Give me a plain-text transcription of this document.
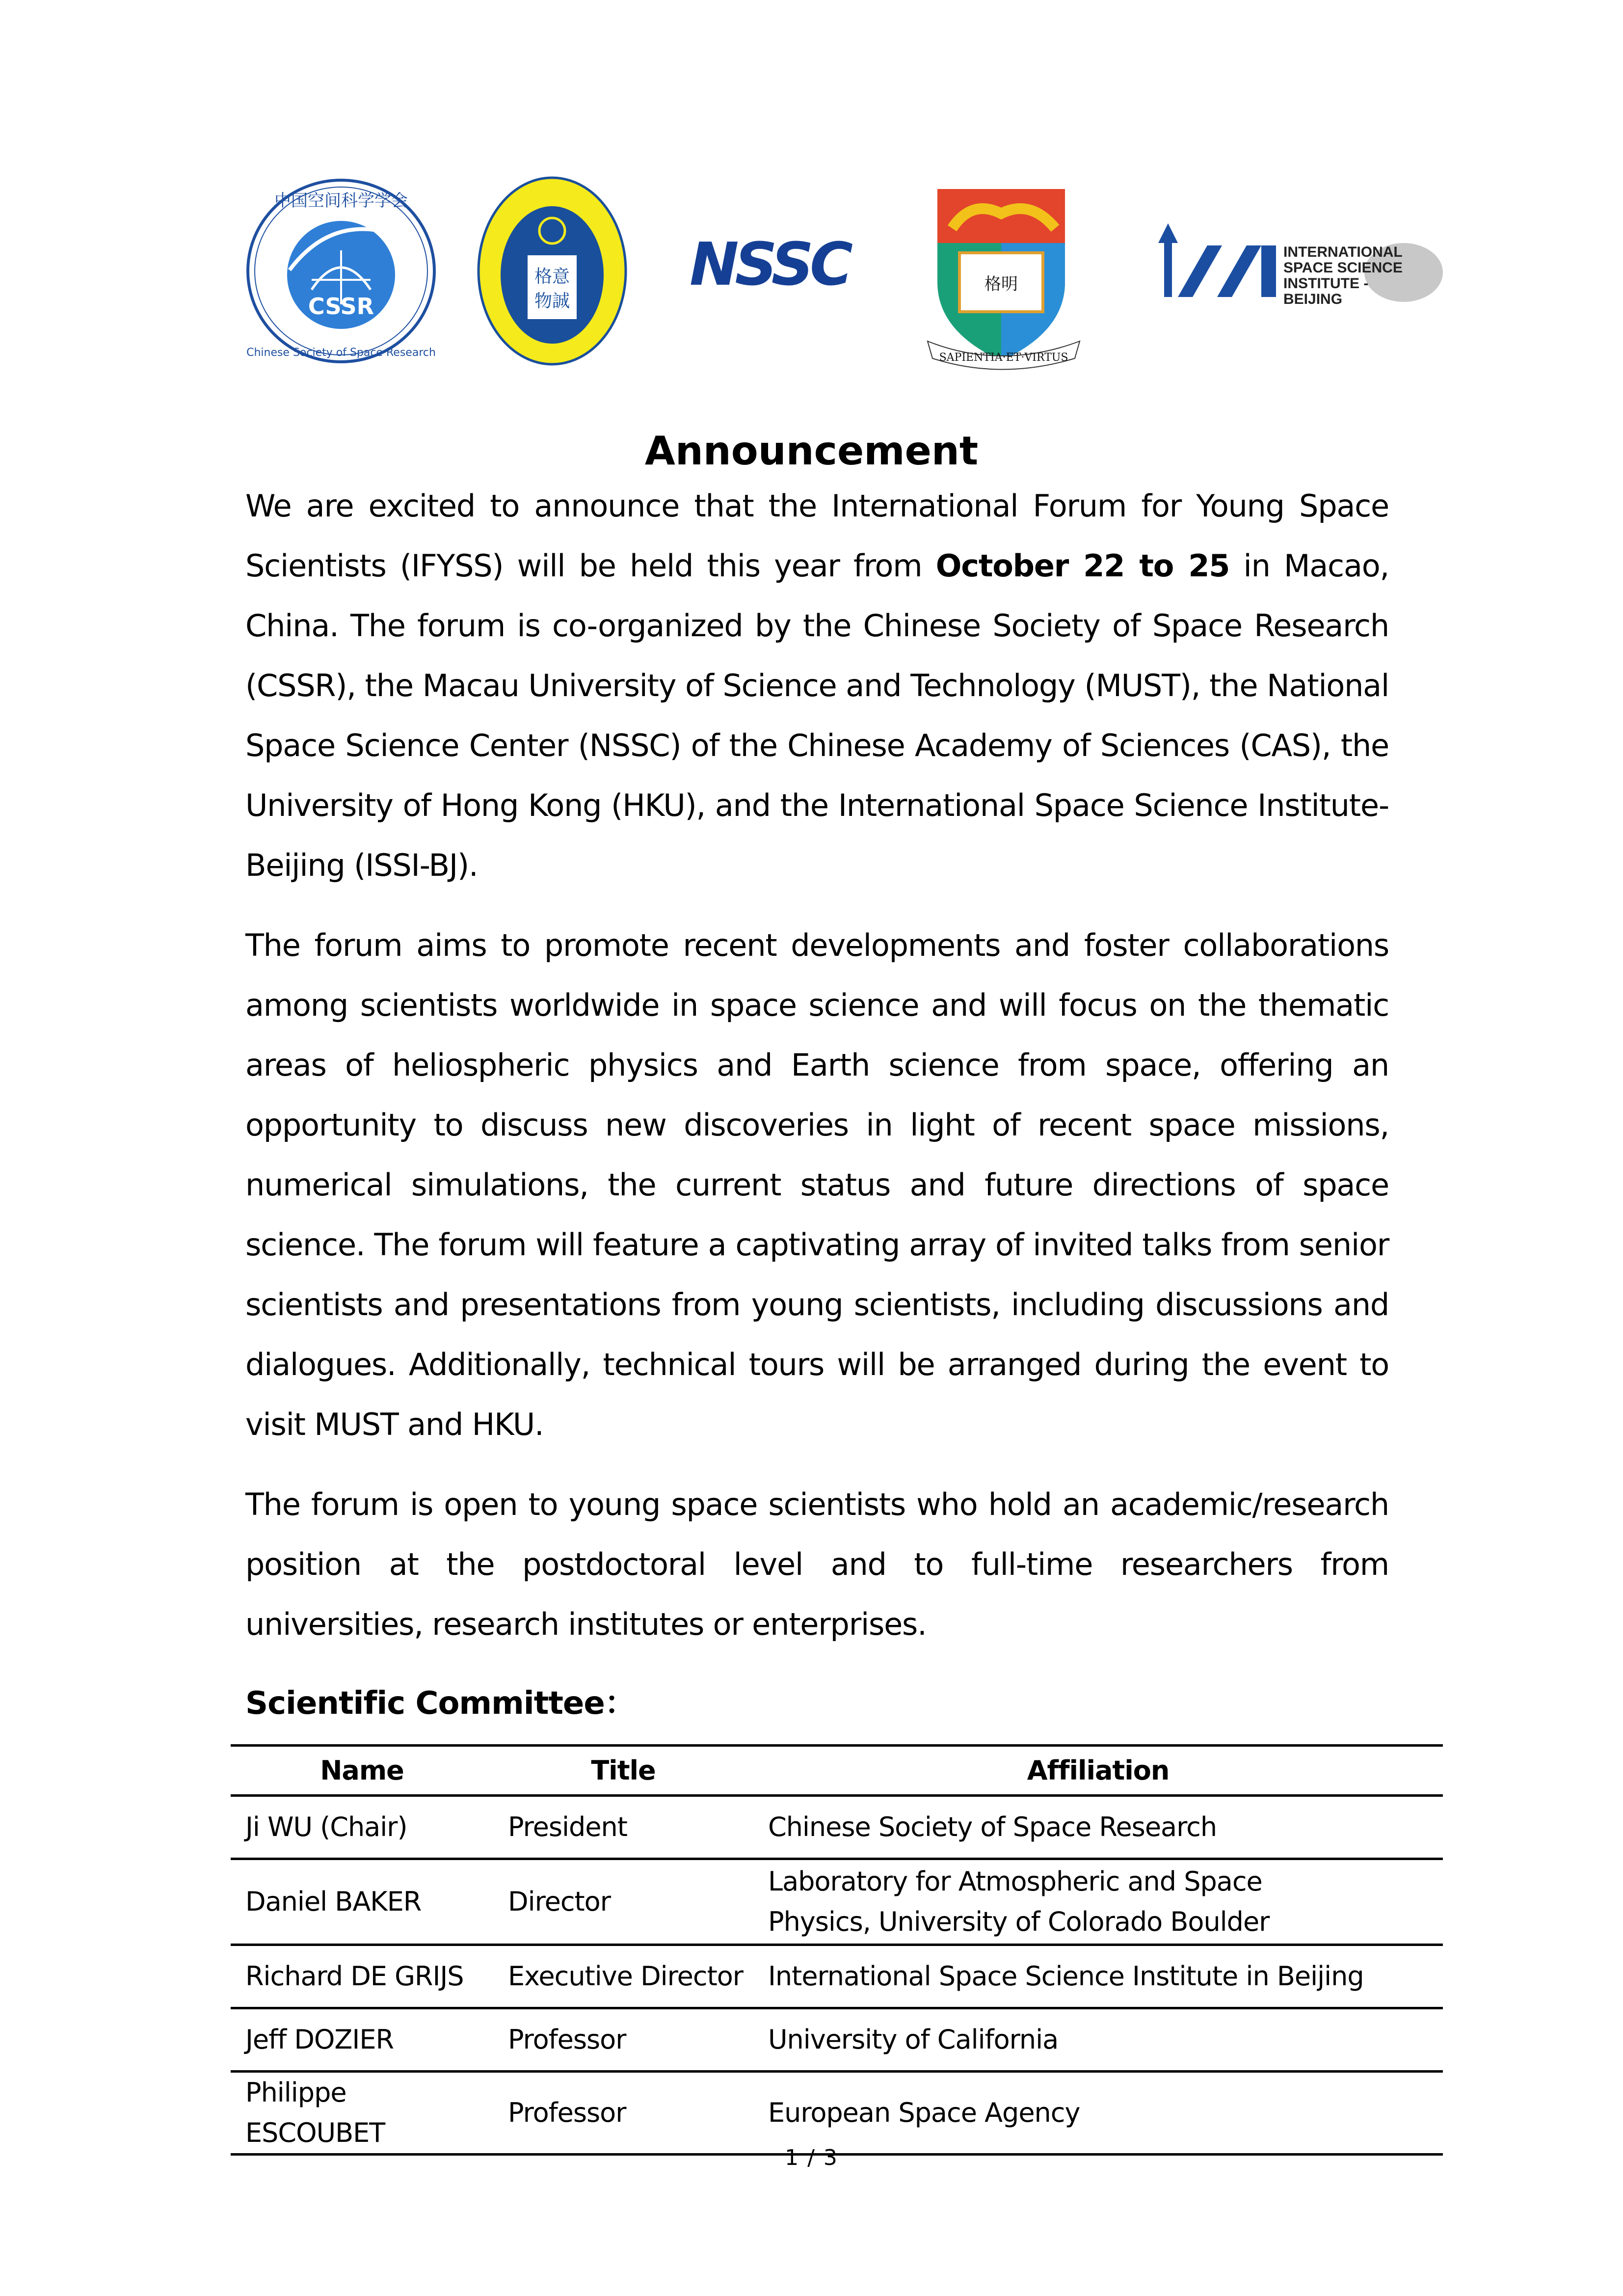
CSSR
中国空间科学学会
Chinese Society of Space Research
格意
物誠
NSSC	格明
SAPIENTIA·ET·VIRTUS
INTERNATIONAL
SPACE SCIENCE
INSTITUTE -
BEIJING
Announcement

We are excited to announce that the International Forum for Young Space Scientists (IFYSS) will be held this year from October 22 to 25 in Macao, China. The forum is co-organized by the Chinese Society of Space Research (CSSR), the Macau University of Science and Technology (MUST), the National Space Science Center (NSSC) of the Chinese Academy of Sciences (CAS), the University of Hong Kong (HKU), and the International Space Science Institute-Beijing (ISSI-BJ).

The forum aims to promote recent developments and foster collaborations among scientists worldwide in space science and will focus on the thematic areas of heliospheric physics and Earth science from space, offering an opportunity to discuss new discoveries in light of recent space missions, numerical simulations, the current status and future directions of space science. The forum will feature a captivating array of invited talks from senior scientists and presentations from young scientists, including discussions and dialogues. Additionally, technical tours will be arranged during the event to visit MUST and HKU.

The forum is open to young space scientists who hold an academic/research position at the postdoctoral level and to full-time researchers from universities, research institutes or enterprises.

Scientific Committee：
Name	Title	Affiliation
Ji WU (Chair)	President	Chinese Society of Space Research
Daniel BAKER	Director	Laboratory for Atmospheric and Space Physics, University of Colorado Boulder
Richard DE GRIJS	Executive Director	International Space Science Institute in Beijing
Jeff DOZIER	Professor	University of California
Philippe ESCOUBET	Professor	European Space Agency
1 / 3
